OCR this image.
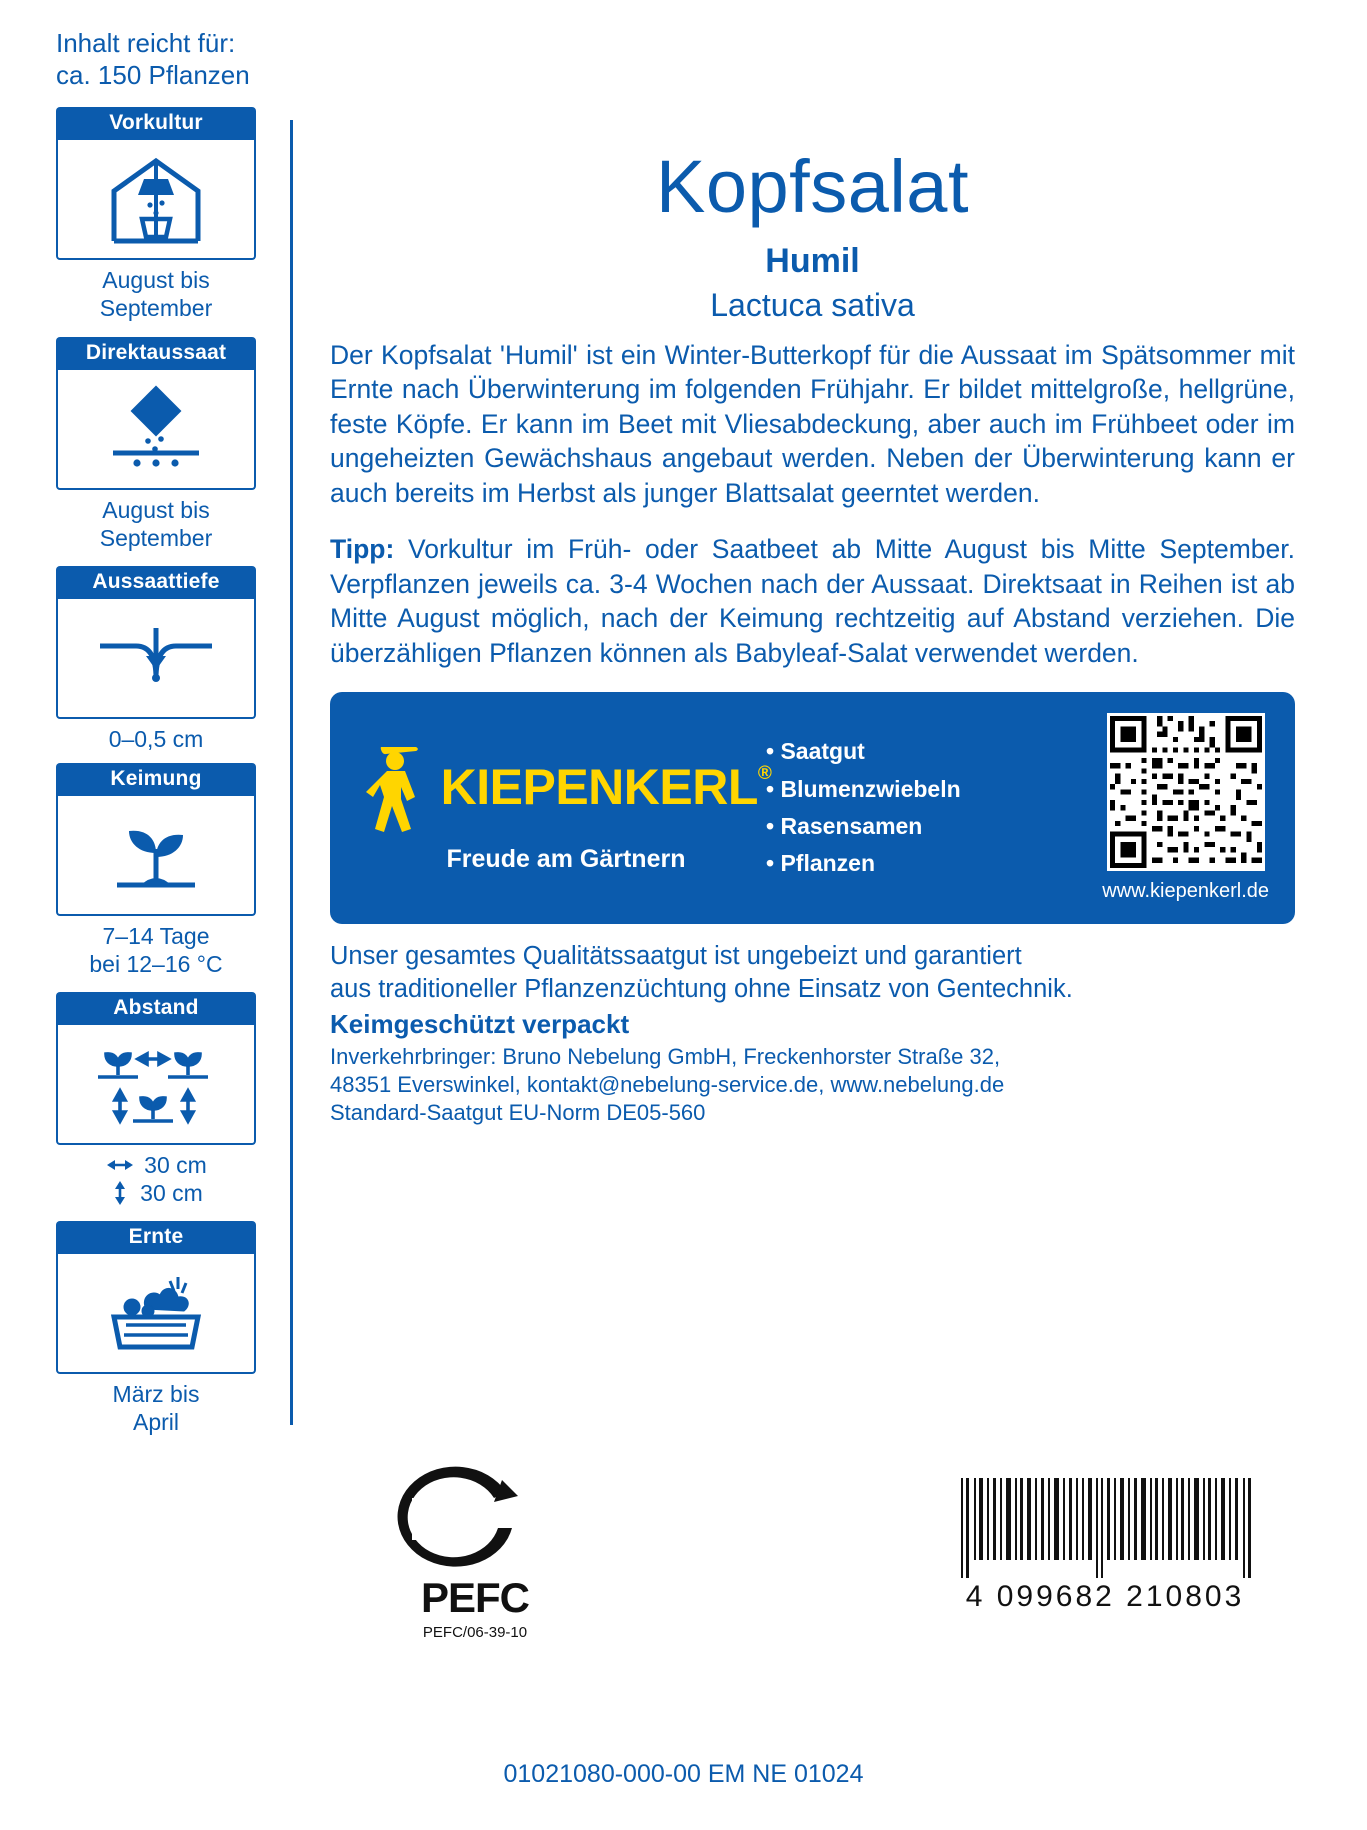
Inhalt reicht für:
ca. 150 Pflanzen
Vorkultur
August bis
September
Direktaussaat
August bis
September
Aussaattiefe
0–0,5 cm
Keimung
7–14 Tage
bei 12–16 °C
Abstand
30 cm
30 cm
Ernte
März bis
April
Kopfsalat
Humil
Lactuca sativa

Der Kopfsalat 'Humil' ist ein Winter-Butterkopf für die Aussaat im Spätsommer mit Ernte nach Überwinterung im folgenden Frühjahr. Er bildet mittelgroße, hellgrüne, feste Köpfe. Er kann im Beet mit Vliesabdeckung, aber auch im Frühbeet oder im ungeheizten Gewächshaus angebaut werden. Neben der Überwinterung kann er auch bereits im Herbst als junger Blattsalat geerntet werden.

Tipp: Vorkultur im Früh- oder Saatbeet ab Mitte August bis Mitte September. Verpflanzen jeweils ca. 3-4 Wochen nach der Aussaat. Direktsaat in Reihen ist ab Mitte August möglich, nach der Keimung rechtzeitig auf Abstand verziehen. Die überzähligen Pflanzen können als Babyleaf-Salat verwendet werden.

KIEPENKERL®
Freude am Gärtnern
• Saatgut
• Blumenzwiebeln
• Rasensamen
• Pflanzen
www.kiepenkerl.de
Unser gesamtes Qualitätssaatgut ist ungebeizt und garantiert
aus traditioneller Pflanzenzüchtung ohne Einsatz von Gentechnik.
Keimgeschützt verpackt
Inverkehrbringer: Bruno Nebelung GmbH, Freckenhorster Straße 32,
48351 Everswinkel, kontakt@nebelung-service.de, www.nebelung.de
Standard-Saatgut EU-Norm DE05-560
PEFC
PEFC/06-39-10
4 099682 210803
01021080-000-00 EM NE 01024
